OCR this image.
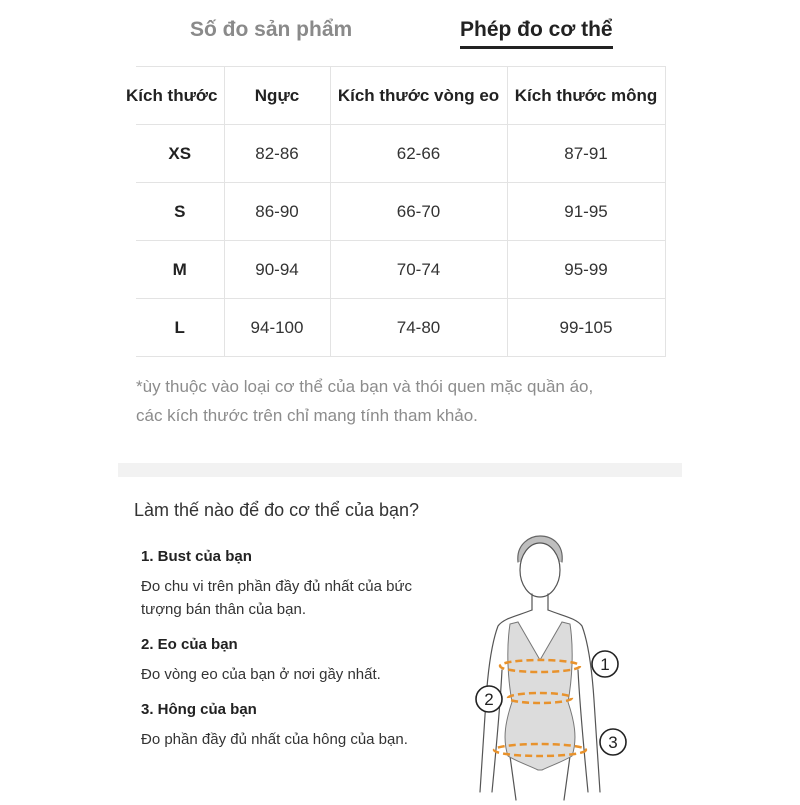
Số đo sản phẩm	Phép đo cơ thể
Kích thước	Ngực	Kích thước vòng eo	Kích thước mông
XS	82-86	62-66	87-91
S	86-90	66-70	91-95
M	90-94	70-74	95-99
L	94-100	74-80	99-105
*ùy thuộc vào loại cơ thể của bạn và thói quen mặc quần áo,
các kích thước trên chỉ mang tính tham khảo.
Làm thế nào để đo cơ thể của bạn?

1. Bust của bạn

Đo chu vi trên phần đầy đủ nhất của bức tượng bán thân của bạn.

2. Eo của bạn

Đo vòng eo của bạn ở nơi gầy nhất.

3. Hông của bạn

Đo phần đầy đủ nhất của hông của bạn.

1
2
3
